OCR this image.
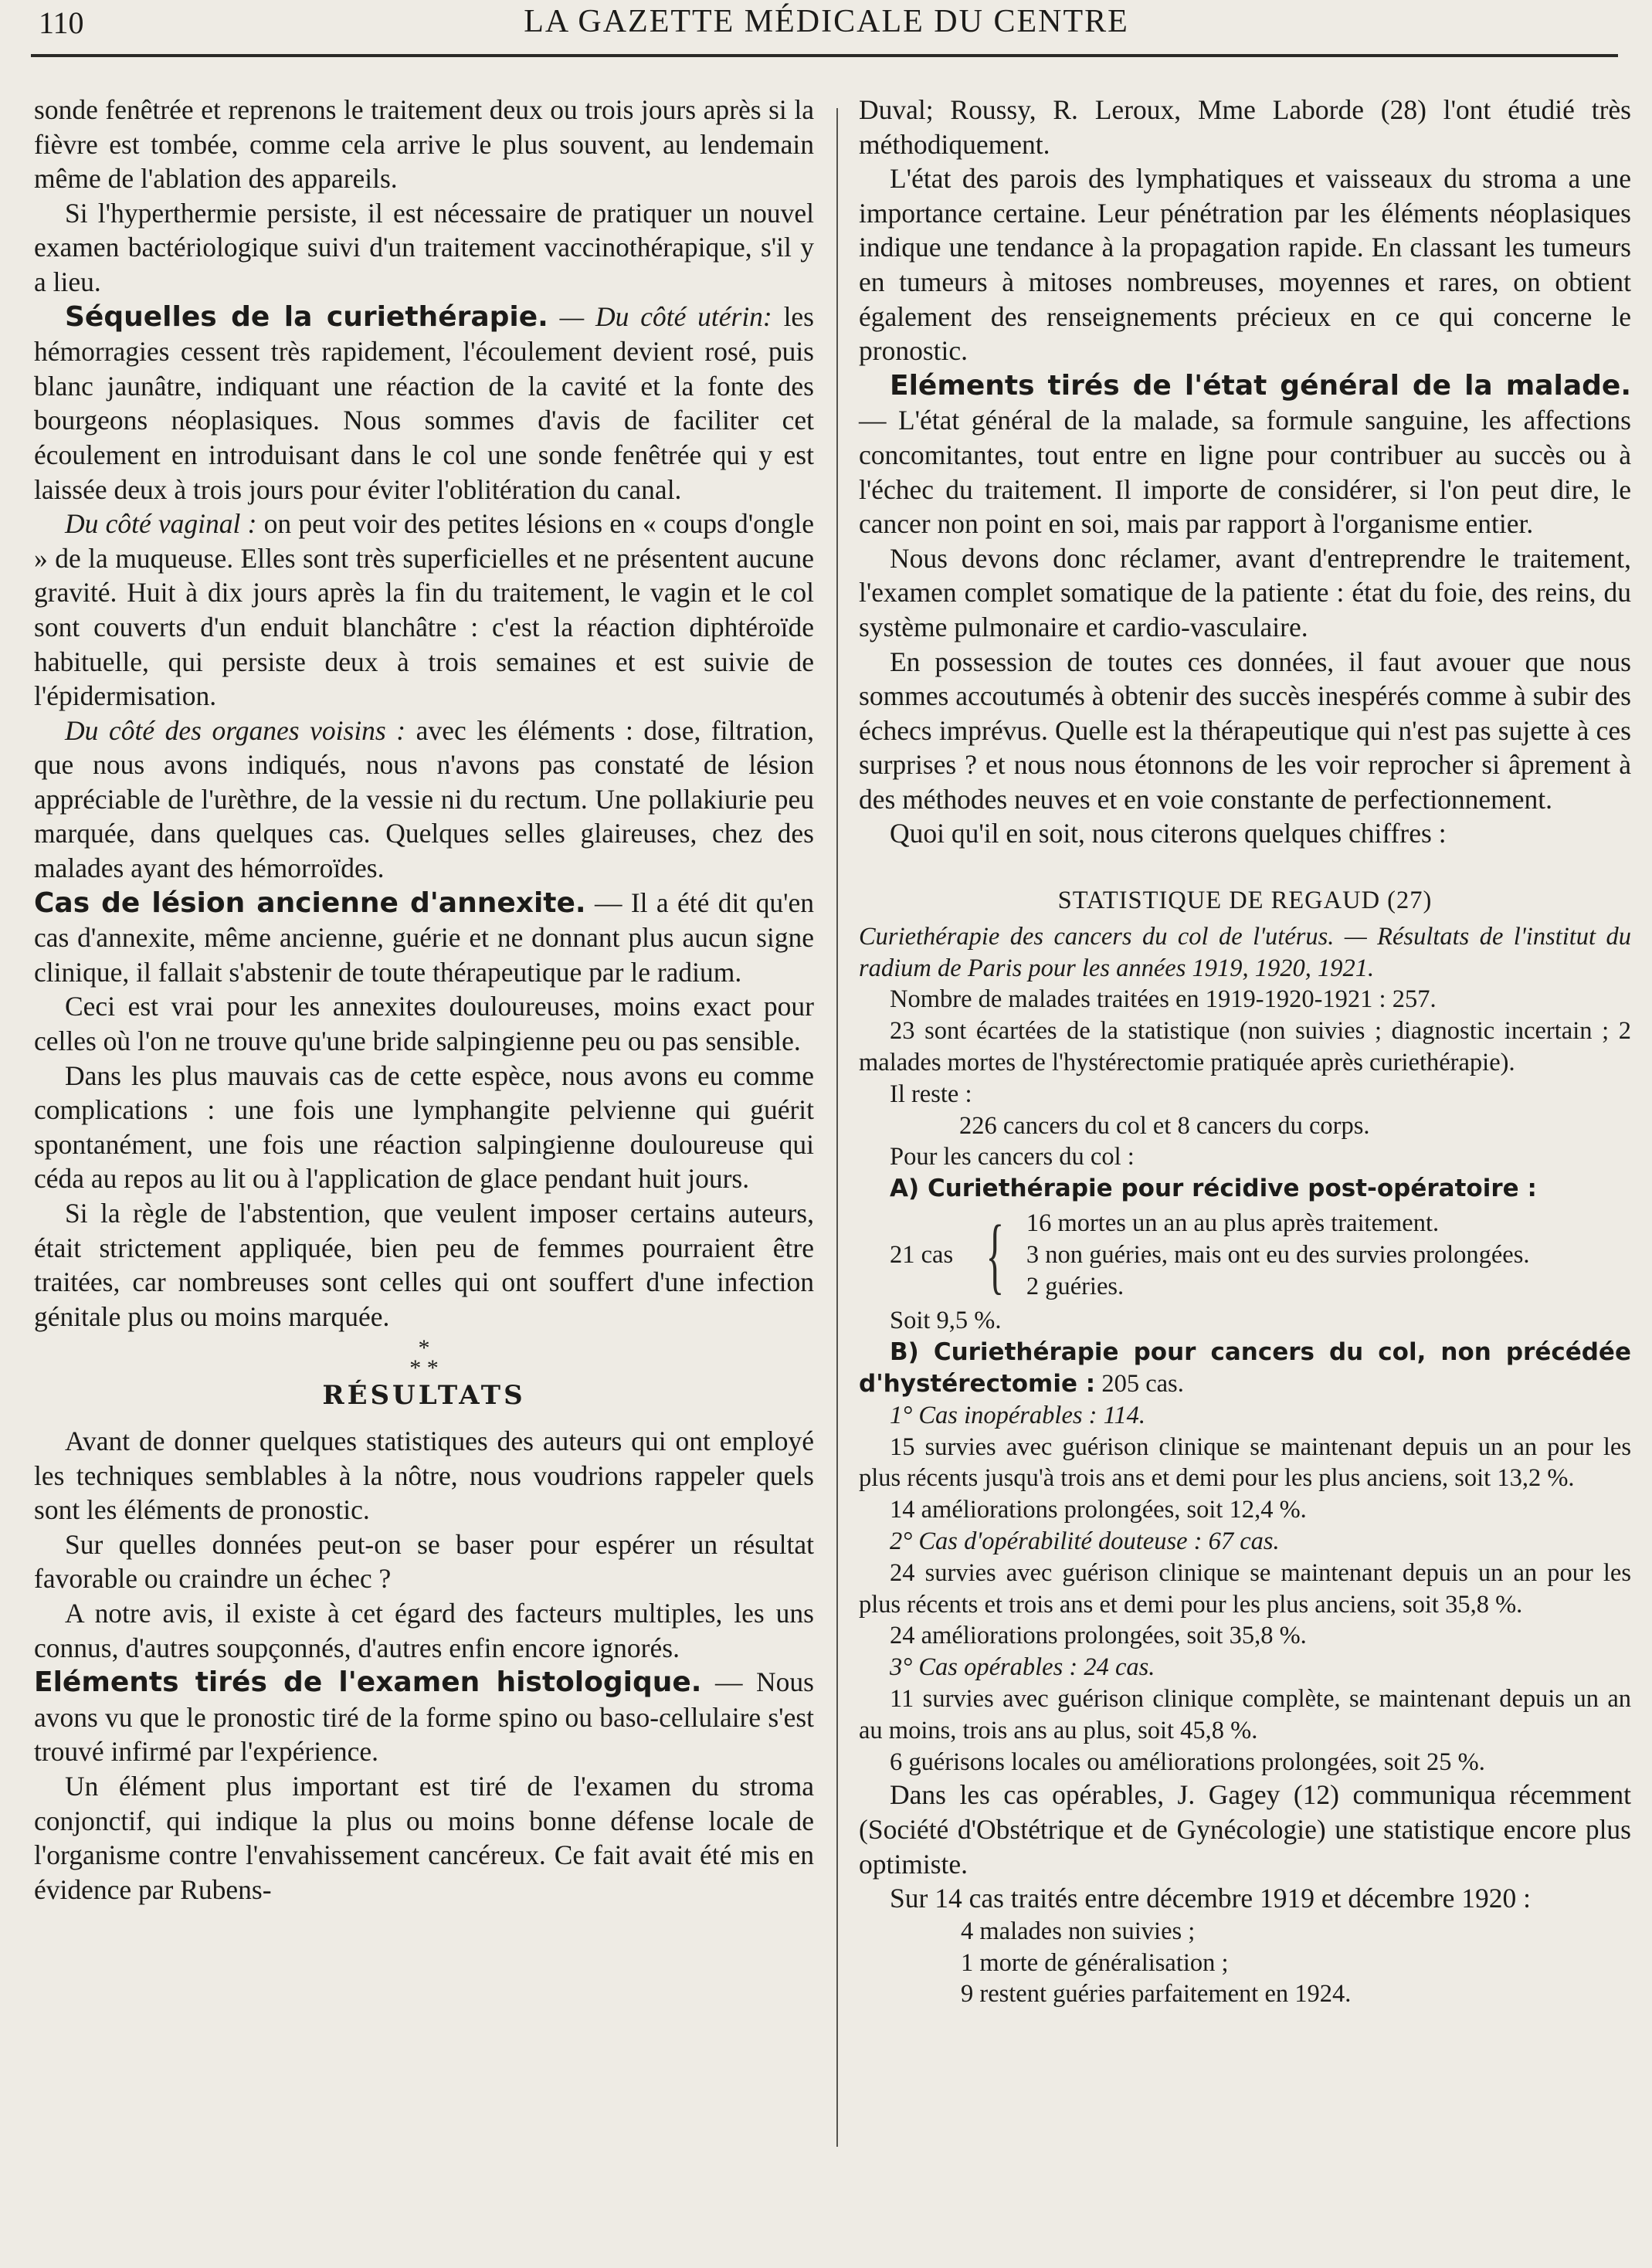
110	LA GAZETTE MÉDICALE DU CENTRE

sonde fenêtrée et reprenons le traitement deux ou trois jours après si la fièvre est tombée, comme cela arrive le plus souvent, au lendemain même de l'ablation des appareils.

Si l'hyperthermie persiste, il est nécessaire de pratiquer un nouvel examen bactériologique suivi d'un traitement vaccinothérapique, s'il y a lieu.

Séquelles de la curiethérapie. — Du côté utérin: les hémorragies cessent très rapidement, l'écoulement devient rosé, puis blanc jaunâtre, indiquant une réaction de la cavité et la fonte des bourgeons néoplasiques. Nous sommes d'avis de faciliter cet écoulement en introduisant dans le col une sonde fenêtrée qui y est laissée deux à trois jours pour éviter l'oblitération du canal.

Du côté vaginal : on peut voir des petites lésions en « coups d'ongle » de la muqueuse. Elles sont très superficielles et ne présentent aucune gravité. Huit à dix jours après la fin du traitement, le vagin et le col sont couverts d'un enduit blanchâtre : c'est la réaction diphtéroïde habituelle, qui persiste deux à trois semaines et est suivie de l'épidermisation.

Du côté des organes voisins : avec les éléments : dose, filtration, que nous avons indiqués, nous n'avons pas constaté de lésion appréciable de l'urèthre, de la vessie ni du rectum. Une pollakiurie peu marquée, dans quelques cas. Quelques selles glaireuses, chez des malades ayant des hémorroïdes.

Cas de lésion ancienne d'annexite. — Il a été dit qu'en cas d'annexite, même ancienne, guérie et ne donnant plus aucun signe clinique, il fallait s'abstenir de toute thérapeutique par le radium.

Ceci est vrai pour les annexites douloureuses, moins exact pour celles où l'on ne trouve qu'une bride salpingienne peu ou pas sensible.

Dans les plus mauvais cas de cette espèce, nous avons eu comme complications : une fois une lymphangite pelvienne qui guérit spontanément, une fois une réaction salpingienne douloureuse qui céda au repos au lit ou à l'application de glace pendant huit jours.

Si la règle de l'abstention, que veulent imposer certains auteurs, était strictement appliquée, bien peu de femmes pourraient être traitées, car nombreuses sont celles qui ont souffert d'une infection génitale plus ou moins marquée.

*
* *
RÉSULTATS

Avant de donner quelques statistiques des auteurs qui ont employé les techniques semblables à la nôtre, nous voudrions rappeler quels sont les éléments de pronostic.

Sur quelles données peut-on se baser pour espérer un résultat favorable ou craindre un échec ?

A notre avis, il existe à cet égard des facteurs multiples, les uns connus, d'autres soupçonnés, d'autres enfin encore ignorés.

Eléments tirés de l'examen histologique. — Nous avons vu que le pronostic tiré de la forme spino ou baso-cellulaire s'est trouvé infirmé par l'expérience.

Un élément plus important est tiré de l'examen du stroma conjonctif, qui indique la plus ou moins bonne défense locale de l'organisme contre l'envahissement cancéreux. Ce fait avait été mis en évidence par Rubens-

Duval; Roussy, R. Leroux, Mme Laborde (28) l'ont étudié très méthodiquement.

L'état des parois des lymphatiques et vaisseaux du stroma a une importance certaine. Leur pénétration par les éléments néoplasiques indique une tendance à la propagation rapide. En classant les tumeurs en tumeurs à mitoses nombreuses, moyennes et rares, on obtient également des renseignements précieux en ce qui concerne le pronostic.

Eléments tirés de l'état général de la malade. — L'état général de la malade, sa formule sanguine, les affections concomitantes, tout entre en ligne pour contribuer au succès ou à l'échec du traitement. Il importe de considérer, si l'on peut dire, le cancer non point en soi, mais par rapport à l'organisme entier.

Nous devons donc réclamer, avant d'entreprendre le traitement, l'examen complet somatique de la patiente : état du foie, des reins, du système pulmonaire et cardio-vasculaire.

En possession de toutes ces données, il faut avouer que nous sommes accoutumés à obtenir des succès inespérés comme à subir des échecs imprévus. Quelle est la thérapeutique qui n'est pas sujette à ces surprises ? et nous nous étonnons de les voir reprocher si âprement à des méthodes neuves et en voie constante de perfectionnement.

Quoi qu'il en soit, nous citerons quelques chiffres :

STATISTIQUE DE REGAUD (27)

Curiethérapie des cancers du col de l'utérus. — Résultats de l'institut du radium de Paris pour les années 1919, 1920, 1921.

Nombre de malades traitées en 1919-1920-1921 : 257.

23 sont écartées de la statistique (non suivies ; diagnostic incertain ; 2 malades mortes de l'hystérectomie pratiquée après curiethérapie).

Il reste :

226 cancers du col et 8 cancers du corps.

Pour les cancers du col :

A) Curiethérapie pour récidive post-opératoire :

21 cas { 16 mortes un an au plus après traitement.
3 non guéries, mais ont eu des survies prolongées.
2 guéries.

Soit 9,5 %.

B) Curiethérapie pour cancers du col, non précédée d'hystérectomie : 205 cas.

1° Cas inopérables : 114.

15 survies avec guérison clinique se maintenant depuis un an pour les plus récents jusqu'à trois ans et demi pour les plus anciens, soit 13,2 %.

14 améliorations prolongées, soit 12,4 %.

2° Cas d'opérabilité douteuse : 67 cas.

24 survies avec guérison clinique se maintenant depuis un an pour les plus récents et trois ans et demi pour les plus anciens, soit 35,8 %.

24 améliorations prolongées, soit 35,8 %.

3° Cas opérables : 24 cas.

11 survies avec guérison clinique complète, se maintenant depuis un an au moins, trois ans au plus, soit 45,8 %.

6 guérisons locales ou améliorations prolongées, soit 25 %.

Dans les cas opérables, J. Gagey (12) communiqua récemment (Société d'Obstétrique et de Gynécologie) une statistique encore plus optimiste.

Sur 14 cas traités entre décembre 1919 et décembre 1920 :

4 malades non suivies ;
1 morte de généralisation ;
9 restent guéries parfaitement en 1924.
